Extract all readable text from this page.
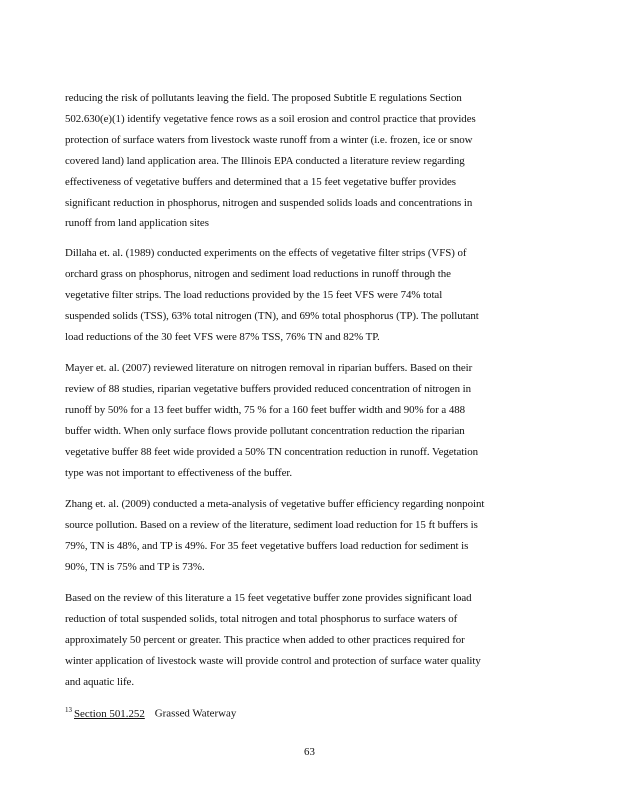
reducing the risk of pollutants leaving the field. The proposed Subtitle E regulations Section
502.630(e)(1) identify vegetative fence rows as a soil erosion and control practice that provides
protection of surface waters from livestock waste runoff from a winter (i.e. frozen, ice or snow
covered land) land application area. The Illinois EPA conducted a literature review regarding
effectiveness of vegetative buffers and determined that a 15 feet vegetative buffer provides
significant reduction in phosphorus, nitrogen and suspended solids loads and concentrations in
runoff from land application sites
Dillaha et. al. (1989) conducted experiments on the effects of vegetative filter strips (VFS) of
orchard grass on phosphorus, nitrogen and sediment load reductions in runoff through the
vegetative filter strips. The load reductions provided by the 15 feet VFS were 74% total
suspended solids (TSS), 63% total nitrogen (TN), and 69% total phosphorus (TP). The pollutant
load reductions of the 30 feet VFS were 87% TSS, 76% TN and 82% TP.
Mayer et. al. (2007) reviewed literature on nitrogen removal in riparian buffers. Based on their
review of 88 studies, riparian vegetative buffers provided reduced concentration of nitrogen in
runoff by 50% for a 13 feet buffer width, 75 % for a 160 feet buffer width and 90% for a 488
buffer width. When only surface flows provide pollutant concentration reduction the riparian
vegetative buffer 88 feet wide provided a 50% TN concentration reduction in runoff. Vegetation
type was not important to effectiveness of the buffer.
Zhang et. al. (2009) conducted a meta-analysis of vegetative buffer efficiency regarding nonpoint
source pollution. Based on a review of the literature, sediment load reduction for 15 ft buffers is
79%, TN is 48%, and TP is 49%. For 35 feet vegetative buffers load reduction for sediment is
90%, TN is 75% and TP is 73%.
Based on the review of this literature a 15 feet vegetative buffer zone provides significant load
reduction of total suspended solids, total nitrogen and total phosphorus to surface waters of
approximately 50 percent or greater. This practice when added to other practices required for
winter application of livestock waste will provide control and protection of surface water quality
and aquatic life.
$^{13}$ Section 501.252 Grassed Waterway
63
